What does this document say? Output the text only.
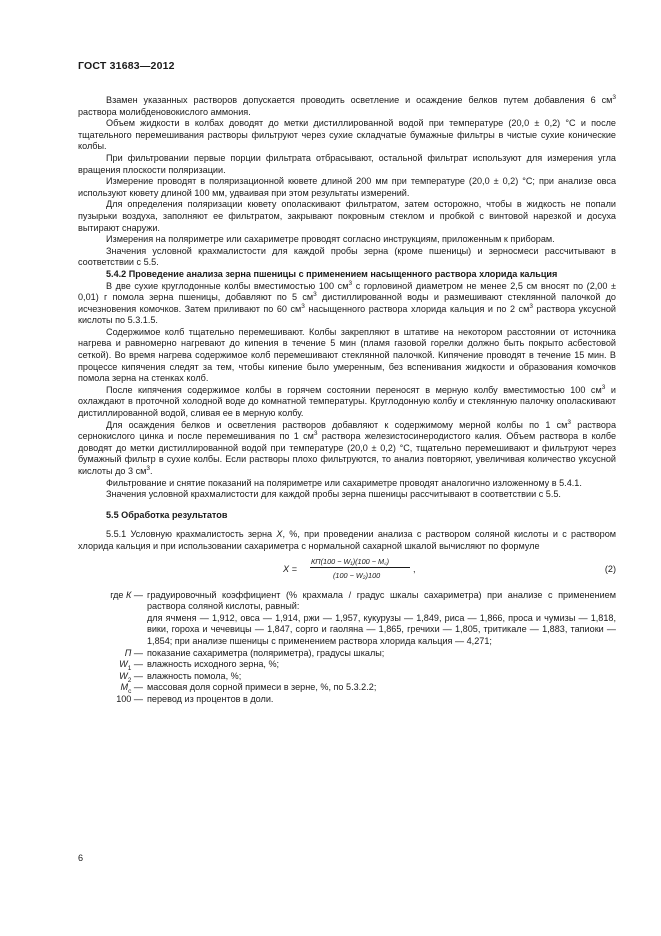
ГОСТ 31683—2012

Взамен указанных растворов допускается проводить осветление и осаждение белков путем добавления 6 $см^3$ раствора молибденовокислого аммония.

Объем жидкости в колбах доводят до метки дистиллированной водой при температуре (20,0 ± 0,2) °С и после тщательного перемешивания растворы фильтруют через сухие складчатые бумажные фильтры в чистые сухие конические колбы.

При фильтровании первые порции фильтрата отбрасывают, остальной фильтрат используют для измерения угла вращения плоскости поляризации.

Измерение проводят в поляризационной кювете длиной 200 мм при температуре (20,0 ± 0,2) °С; при анализе овса используют кювету длиной 100 мм, удваивая при этом результаты измерений.

Для определения поляризации кювету ополаскивают фильтратом, затем осторожно, чтобы в жидкость не попали пузырьки воздуха, заполняют ее фильтратом, закрывают покровным стеклом и пробкой с винтовой нарезкой и досуха вытирают снаружи.

Измерения на поляриметре или сахариметре проводят согласно инструкциям, приложенным к приборам.

Значения условной крахмалистости для каждой пробы зерна (кроме пшеницы) и зерносмеси рассчитывают в соответствии с 5.5.

5.4.2 Проведение анализа зерна пшеницы с применением насыщенного раствора хлорида кальция

В две сухие круглодонные колбы вместимостью 100 $см^3$ с горловиной диаметром не менее 2,5 см вносят по (2,00 ± 0,01) г помола зерна пшеницы, добавляют по 5 $см^3$ дистиллированной воды и размешивают стеклянной палочкой до исчезновения комочков. Затем приливают по 60 $см^3$ насыщенного раствора хлорида кальция и по 2 $см^3$ раствора уксусной кислоты по 5.3.1.5.

Содержимое колб тщательно перемешивают. Колбы закрепляют в штативе на некотором расстоянии от источника нагрева и равномерно нагревают до кипения в течение 5 мин (пламя газовой горелки должно быть покрыто асбестовой сеткой). Во время нагрева содержимое колб перемешивают стеклянной палочкой. Кипячение проводят в течение 15 мин. В процессе кипячения следят за тем, чтобы кипение было умеренным, без вспенивания жидкости и образования комочков помола зерна на стенках колб.

После кипячения содержимое колбы в горячем состоянии переносят в мерную колбу вместимостью 100 $см^3$ и охлаждают в проточной холодной воде до комнатной температуры. Круглодонную колбу и стеклянную палочку ополаскивают дистиллированной водой, сливая ее в мерную колбу.

Для осаждения белков и осветления растворов добавляют к содержимому мерной колбы по 1 $см^3$ раствора сернокислого цинка и после перемешивания по 1 $см^3$ раствора железистосинеродистого калия. Объем раствора в колбе доводят до метки дистиллированной водой при температуре (20,0 ± 0,2) °С, тщательно перемешивают и фильтруют через бумажный фильтр в сухие колбы. Если растворы плохо фильтруются, то анализ повторяют, увеличивая количество уксусной кислоты до 3 $см^3$.

Фильтрование и снятие показаний на поляриметре или сахариметре проводят аналогично изложенному в 5.4.1.

Значения условной крахмалистости для каждой пробы зерна пшеницы рассчитывают в соответствии с 5.5.

5.5 Обработка результатов

5.5.1 Условную крахмалистость зерна X, %, при проведении анализа с раствором соляной кислоты и с раствором хлорида кальция и при использовании сахариметра с нормальной сахарной шкалой вычисляют по формуле

X =
КП(100 − W₁)(100 − M꜀)
(100 − W₂)100
,	(2)
где К — градуировочный коэффициент (% крахмала / градус шкалы сахариметра) при анализе с применением раствора соляной кислоты, равный:
для ячменя — 1,912, овса — 1,914, ржи — 1,957, кукурузы — 1,849, риса — 1,866, проса и чумизы — 1,818, вики, гороха и чечевицы — 1,847, сорго и гаоляна — 1,865, гречихи — 1,805, тритикале — 1,883, тапиоки — 1,854; при анализе пшеницы с применением раствора хлорида кальция — 4,271;
П — показание сахариметра (поляриметра), градусы шкалы;
$W_1$ — влажность исходного зерна, %;
$W_2$ — влажность помола, %;
$M_c$ — массовая доля сорной примеси в зерне, %, по 5.3.2.2;
100 — перевод из процентов в доли.
6
